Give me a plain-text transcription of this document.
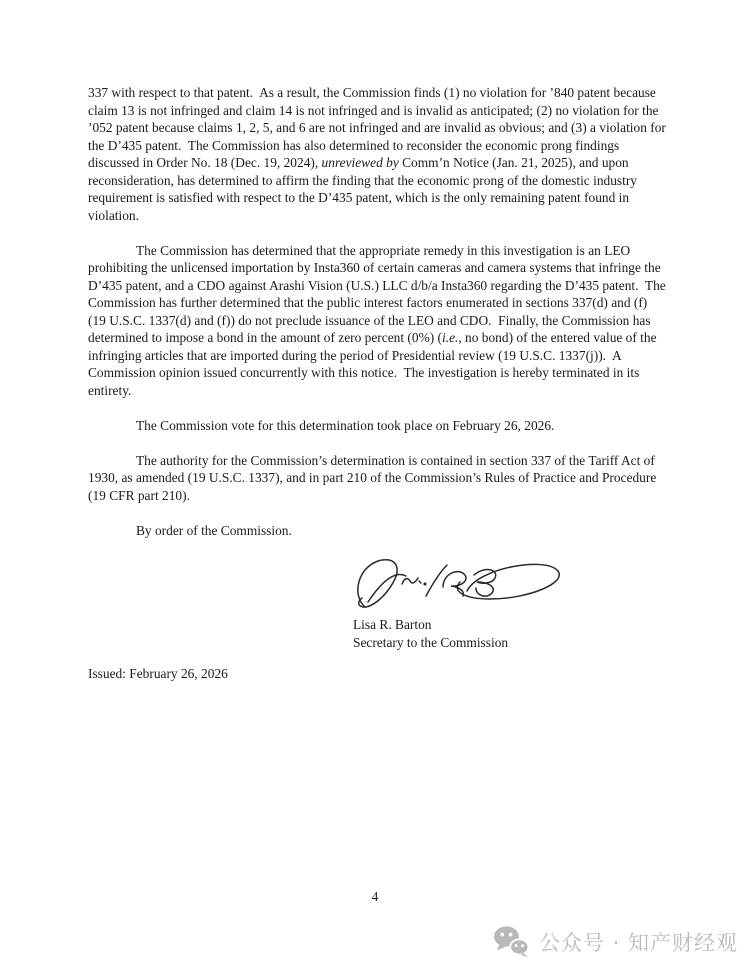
337 with respect to that patent.  As a result, the Commission finds (1) no violation for ’840 patent because claim 13 is not infringed and claim 14 is not infringed and is invalid as anticipated; (2) no violation for the ’052 patent because claims 1, 2, 5, and 6 are not infringed and are invalid as obvious; and (3) a violation for the D’435 patent.  The Commission has also determined to reconsider the economic prong findings discussed in Order No. 18 (Dec. 19, 2024), unreviewed by Comm’n Notice (Jan. 21, 2025), and upon reconsideration, has determined to affirm the finding that the economic prong of the domestic industry requirement is satisfied with respect to the D’435 patent, which is the only remaining patent found in violation.

The Commission has determined that the appropriate remedy in this investigation is an LEO prohibiting the unlicensed importation by Insta360 of certain cameras and camera systems that infringe the D’435 patent, and a CDO against Arashi Vision (U.S.) LLC d/b/a Insta360 regarding the D’435 patent.  The Commission has further determined that the public interest factors enumerated in sections 337(d) and (f) (19 U.S.C. 1337(d) and (f)) do not preclude issuance of the LEO and CDO.  Finally, the Commission has determined to impose a bond in the amount of zero percent (0%) (i.e., no bond) of the entered value of the infringing articles that are imported during the period of Presidential review (19 U.S.C. 1337(j)).  A Commission opinion issued concurrently with this notice.  The investigation is hereby terminated in its entirety.

The Commission vote for this determination took place on February 26, 2026.

The authority for the Commission’s determination is contained in section 337 of the Tariff Act of 1930, as amended (19 U.S.C. 1337), and in part 210 of the Commission’s Rules of Practice and Procedure (19 CFR part 210).

By order of the Commission.

Lisa R. Barton
Secretary to the Commission
Issued: February 26, 2026
4
公众号 · 知产财经观
